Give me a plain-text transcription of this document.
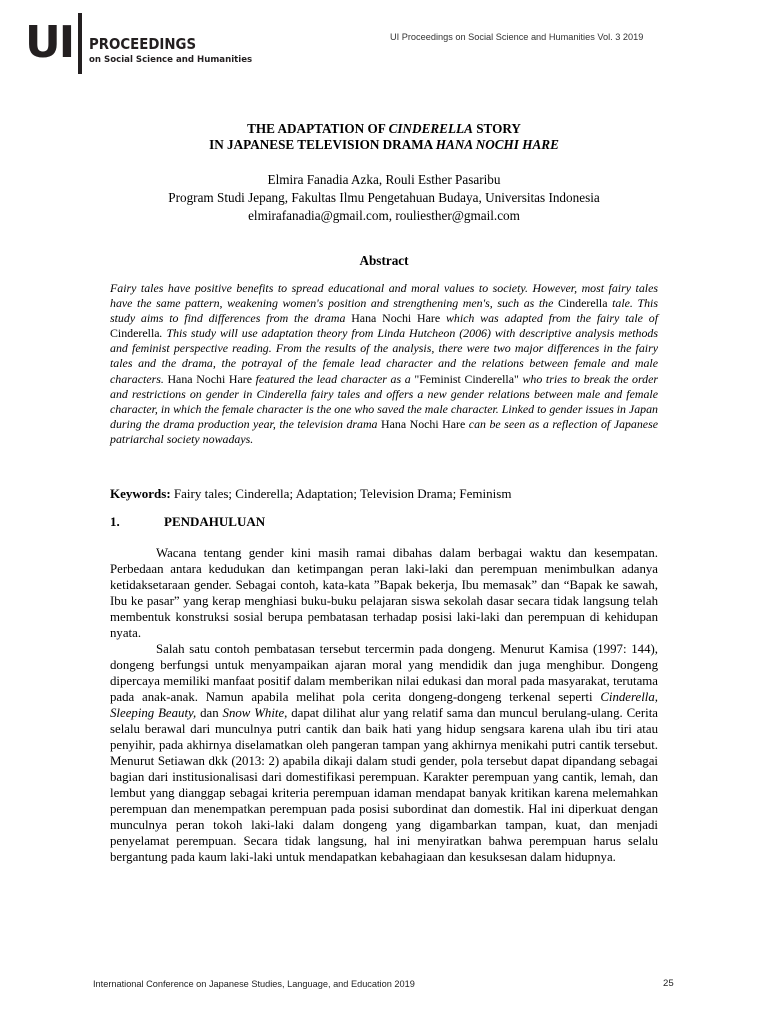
UI PROCEEDINGS
on Social Science and Humanities
UI Proceedings on Social Science and Humanities Vol. 3 2019
THE ADAPTATION OF CINDERELLA STORY
IN JAPANESE TELEVISION DRAMA HANA NOCHI HARE
Elmira Fanadia Azka, Rouli Esther Pasaribu
Program Studi Jepang, Fakultas Ilmu Pengetahuan Budaya, Universitas Indonesia
elmirafanadia@gmail.com, rouliesther@gmail.com
Abstract
Fairy tales have positive benefits to spread educational and moral values to society. However, most fairy tales have the same pattern, weakening women's position and strengthening men's, such as the Cinderella tale. This study aims to find differences from the drama Hana Nochi Hare which was adapted from the fairy tale of Cinderella. This study will use adaptation theory from Linda Hutcheon (2006) with descriptive analysis methods and feminist perspective reading. From the results of the analysis, there were two major differences in the fairy tales and the drama, the potrayal of the female lead character and the relations between female and male characters. Hana Nochi Hare featured the lead character as a "Feminist Cinderella" who tries to break the order and restrictions on gender in Cinderella fairy tales and offers a new gender relations between male and female character, in which the female character is the one who saved the male character. Linked to gender issues in Japan during the drama production year, the television drama Hana Nochi Hare can be seen as a reflection of Japanese patriarchal society nowadays.
Keywords: Fairy tales; Cinderella; Adaptation; Television Drama; Feminism
1.	PENDAHULUAN

Wacana tentang gender kini masih ramai dibahas dalam berbagai waktu dan kesempatan. Perbedaan antara kedudukan dan ketimpangan peran laki-laki dan perempuan menimbulkan adanya ketidaksetaraan gender. Sebagai contoh, kata-kata ”Bapak bekerja, Ibu memasak” dan “Bapak ke sawah, Ibu ke pasar” yang kerap menghiasi buku-buku pelajaran siswa sekolah dasar secara tidak langsung telah membentuk konstruksi sosial berupa pembatasan terhadap posisi laki-laki dan perempuan di kehidupan nyata.

Salah satu contoh pembatasan tersebut tercermin pada dongeng. Menurut Kamisa (1997: 144), dongeng berfungsi untuk menyampaikan ajaran moral yang mendidik dan juga menghibur. Dongeng dipercaya memiliki manfaat positif dalam memberikan nilai edukasi dan moral pada masyarakat, terutama pada anak-anak. Namun apabila melihat pola cerita dongeng-dongeng terkenal seperti Cinderella, Sleeping Beauty, dan Snow White, dapat dilihat alur yang relatif sama dan muncul berulang-ulang. Cerita selalu berawal dari munculnya putri cantik dan baik hati yang hidup sengsara karena ulah ibu tiri atau penyihir, pada akhirnya diselamatkan oleh pangeran tampan yang akhirnya menikahi putri cantik tersebut. Menurut Setiawan dkk (2013: 2) apabila dikaji dalam studi gender, pola tersebut dapat dipandang sebagai bagian dari institusionalisasi dari domestifikasi perempuan. Karakter perempuan yang cantik, lemah, dan lembut yang dianggap sebagai kriteria perempuan idaman mendapat banyak kritikan karena melemahkan perempuan dan menempatkan perempuan pada posisi subordinat dan domestik. Hal ini diperkuat dengan munculnya peran tokoh laki-laki dalam dongeng yang digambarkan tampan, kuat, dan menjadi penyelamat perempuan. Secara tidak langsung, hal ini menyiratkan bahwa perempuan harus selalu bergantung pada kaum laki-laki untuk mendapatkan kebahagiaan dan kesuksesan dalam hidupnya.

International Conference on Japanese Studies, Language, and Education 2019	25
